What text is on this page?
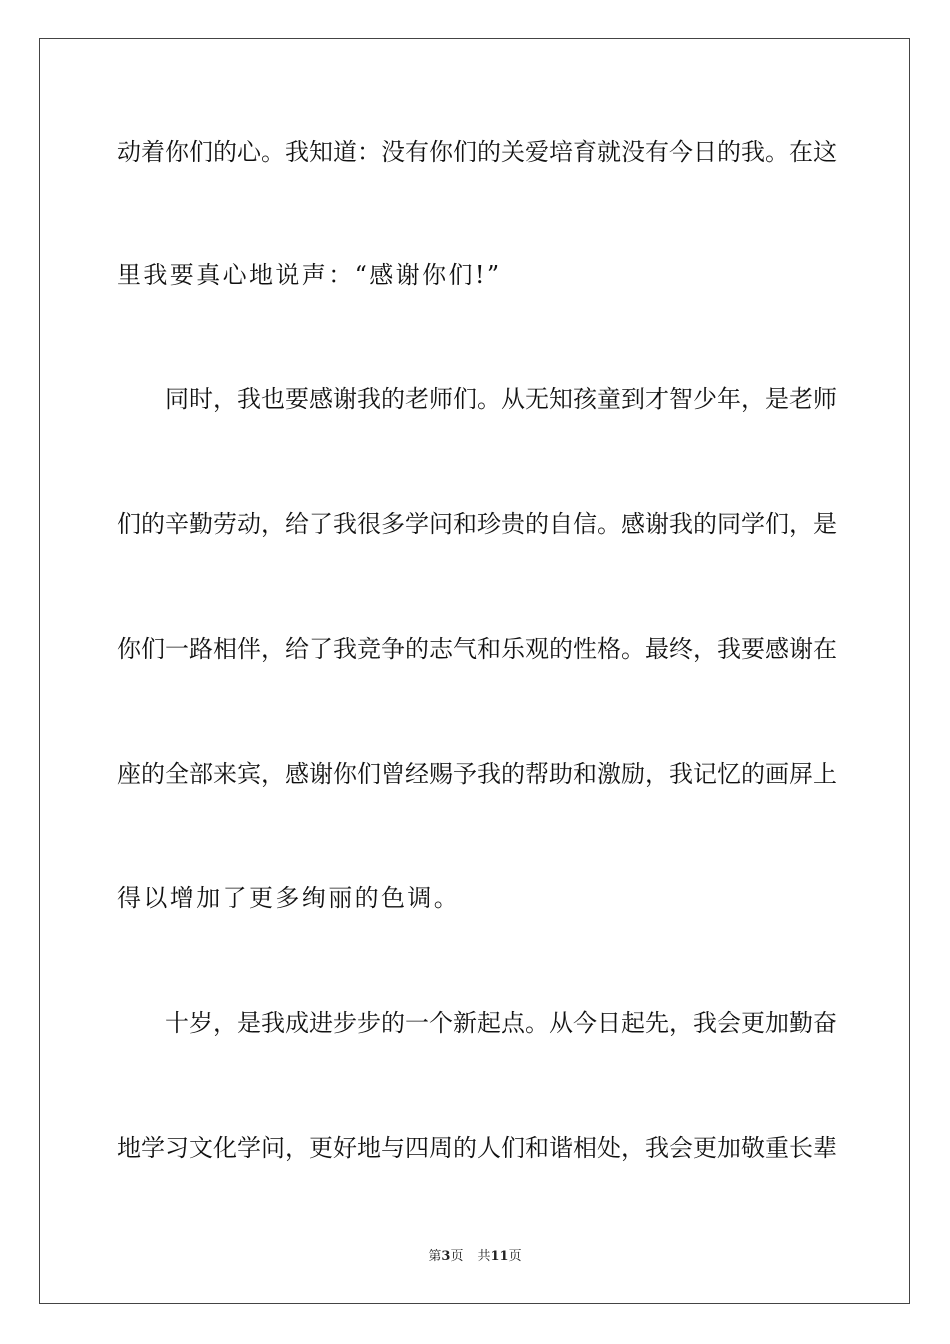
动着你们的心。我知道：没有你们的关爱培育就没有今日的我。在这
里我要真心地说声：“感谢你们!”
同时，我也要感谢我的老师们。从无知孩童到才智少年，是老师
们的辛勤劳动，给了我很多学问和珍贵的自信。感谢我的同学们，是
你们一路相伴，给了我竞争的志气和乐观的性格。最终，我要感谢在
座的全部来宾，感谢你们曾经赐予我的帮助和激励，我记忆的画屏上
得以增加了更多绚丽的色调。
十岁，是我成进步步的一个新起点。从今日起先，我会更加勤奋
地学习文化学问，更好地与四周的人们和谐相处，我会更加敬重长辈
第3页 共11页
